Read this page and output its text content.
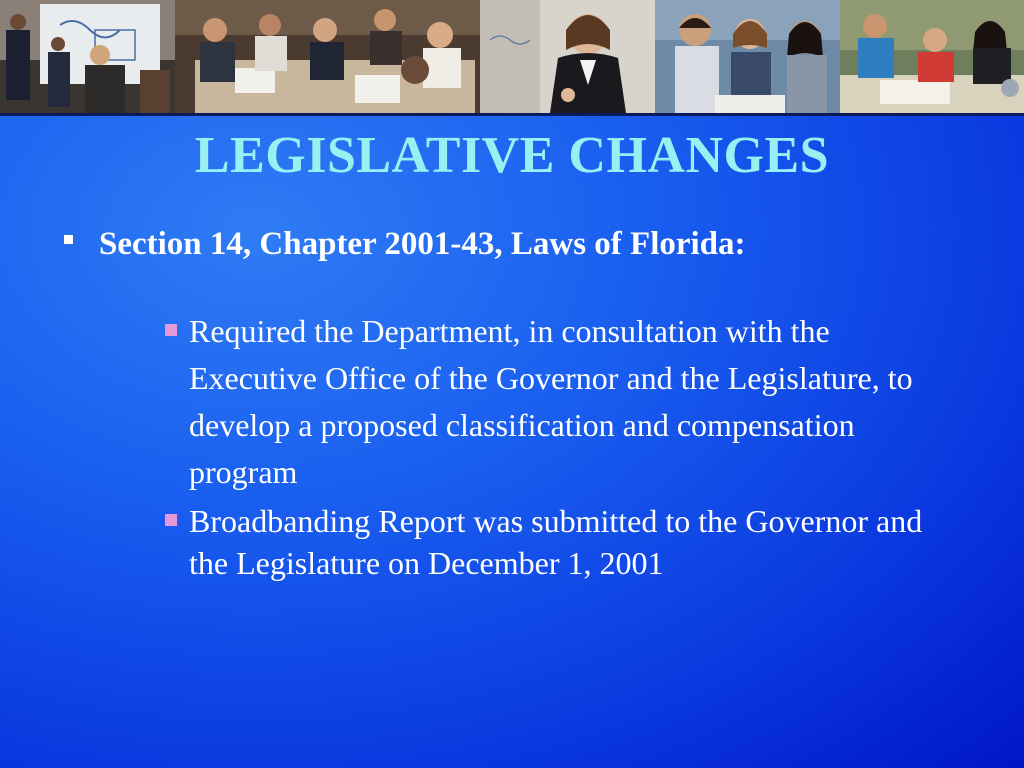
LEGISLATIVE CHANGES
Section 14, Chapter 2001-43, Laws of Florida:
Required the Department, in consultation with the Executive Office of the Governor and the Legislature, to develop a proposed classification and compensation program
Broadbanding Report was submitted to the Governor and the Legislature on December 1, 2001
